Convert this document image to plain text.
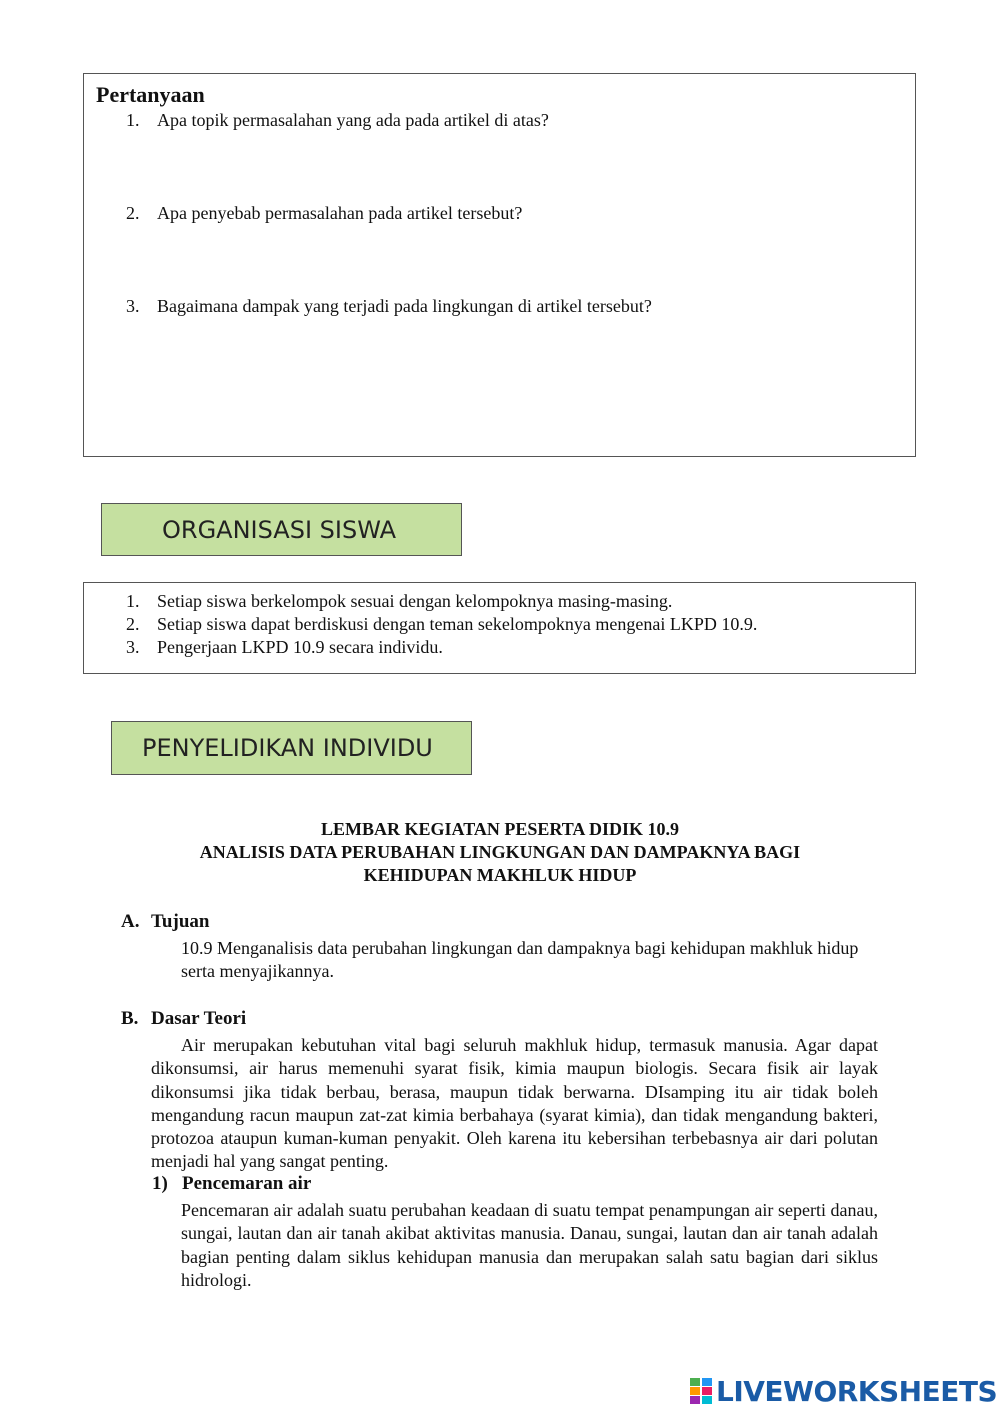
Pertanyaan
1. Apa topik permasalahan yang ada pada artikel di atas?
2. Apa penyebab permasalahan pada artikel tersebut?
3. Bagaimana dampak yang terjadi pada lingkungan di artikel tersebut?
ORGANISASI SISWA
1. Setiap siswa berkelompok sesuai dengan kelompoknya masing-masing.
2. Setiap siswa dapat berdiskusi dengan teman sekelompoknya mengenai LKPD 10.9.
3. Pengerjaan LKPD 10.9 secara individu.
PENYELIDIKAN INDIVIDU
LEMBAR KEGIATAN PESERTA DIDIK 10.9
ANALISIS DATA PERUBAHAN LINGKUNGAN DAN DAMPAKNYA BAGI
KEHIDUPAN MAKHLUK HIDUP
A. Tujuan
10.9 Menganalisis data perubahan lingkungan dan dampaknya bagi kehidupan makhluk hidup serta menyajikannya.
B. Dasar Teori
Air merupakan kebutuhan vital bagi seluruh makhluk hidup, termasuk manusia. Agar dapat dikonsumsi, air harus memenuhi syarat fisik, kimia maupun biologis. Secara fisik air layak dikonsumsi jika tidak berbau, berasa, maupun tidak berwarna. DIsamping itu air tidak boleh mengandung racun maupun zat-zat kimia berbahaya (syarat kimia), dan tidak mengandung bakteri, protozoa ataupun kuman-kuman penyakit. Oleh karena itu kebersihan terbebasnya air dari polutan menjadi hal yang sangat penting.
1) Pencemaran air
Pencemaran air adalah suatu perubahan keadaan di suatu tempat penampungan air seperti danau, sungai, lautan dan air tanah akibat aktivitas manusia. Danau, sungai, lautan dan air tanah adalah bagian penting dalam siklus kehidupan manusia dan merupakan salah satu bagian dari siklus hidrologi.
LIVEWORKSHEETS
